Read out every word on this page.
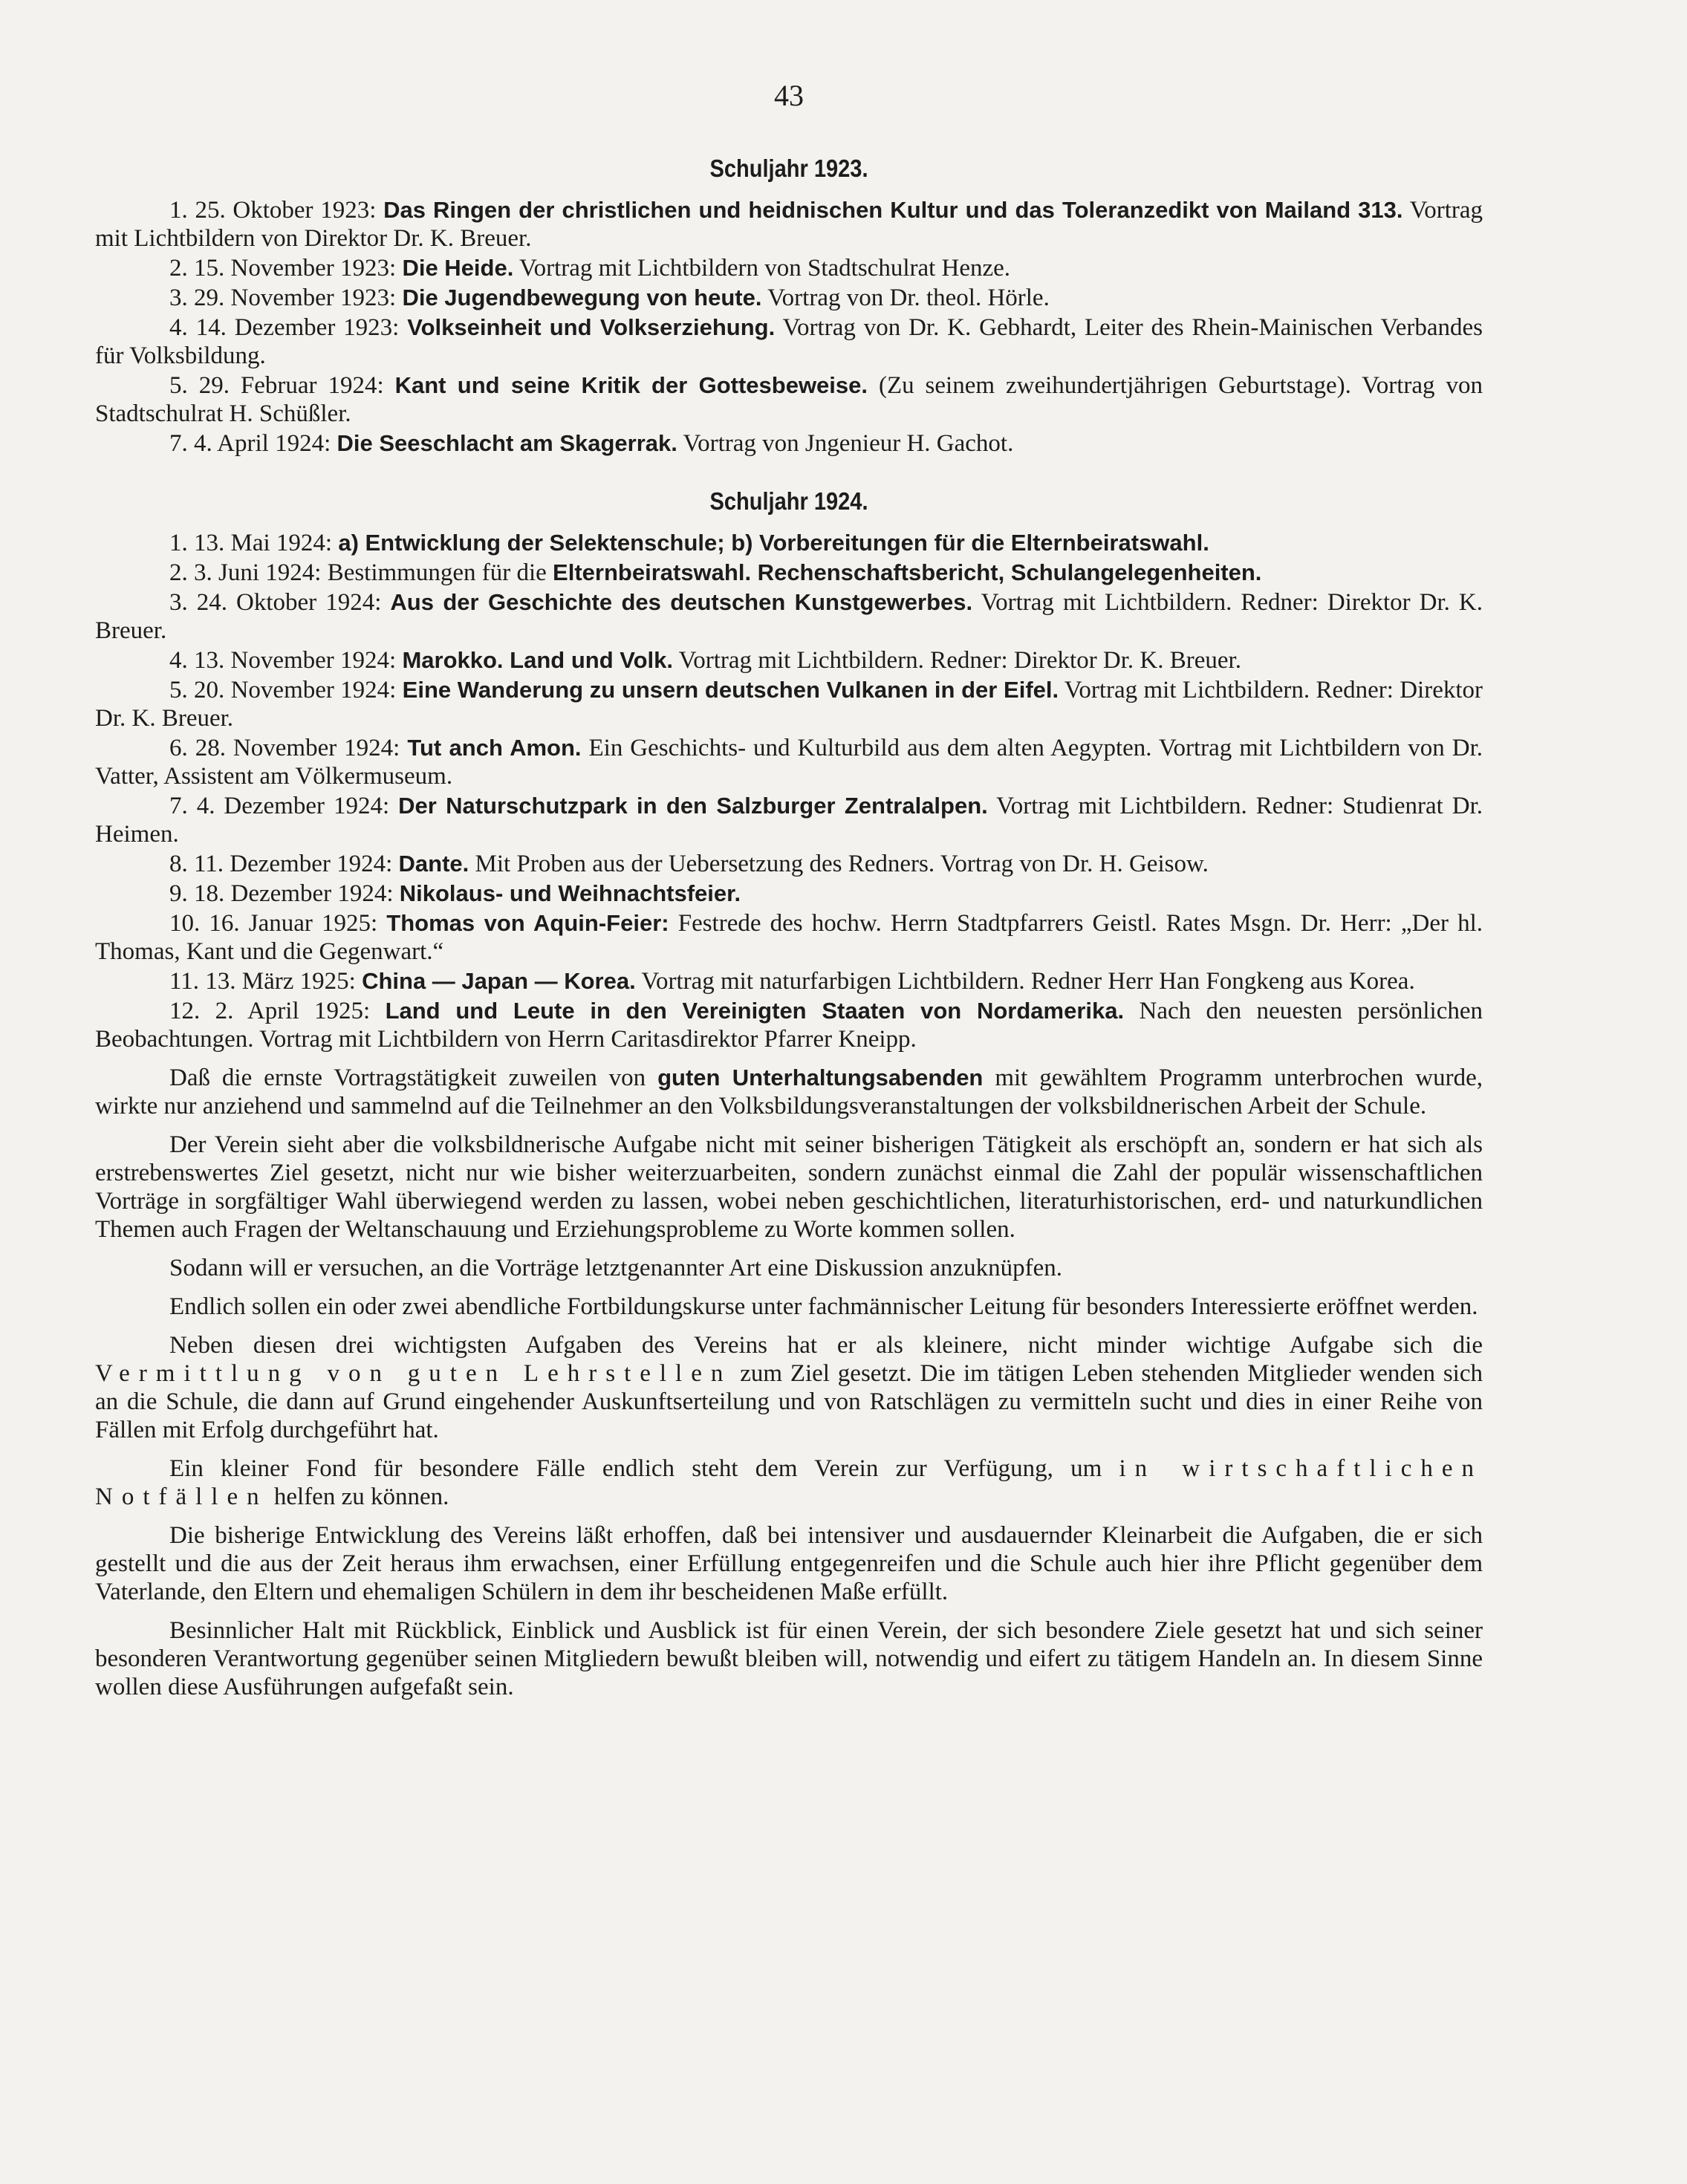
43
Schuljahr 1923.

1. 25. Oktober 1923: Das Ringen der christlichen und heidnischen Kultur und das Toleranzedikt von Mailand 313. Vortrag mit Lichtbildern von Direktor Dr. K. Breuer.

2. 15. November 1923: Die Heide. Vortrag mit Lichtbildern von Stadtschulrat Henze.

3. 29. November 1923: Die Jugendbewegung von heute. Vortrag von Dr. theol. Hörle.

4. 14. Dezember 1923: Volkseinheit und Volkserziehung. Vortrag von Dr. K. Gebhardt, Leiter des Rhein-Mainischen Verbandes für Volksbildung.

5. 29. Februar 1924: Kant und seine Kritik der Gottesbeweise. (Zu seinem zweihundertjährigen Geburtstage). Vortrag von Stadtschulrat H. Schüßler.

7. 4. April 1924: Die Seeschlacht am Skagerrak. Vortrag von Jngenieur H. Gachot.

Schuljahr 1924.

1. 13. Mai 1924: a) Entwicklung der Selektenschule; b) Vorbereitungen für die Elternbeiratswahl.

2. 3. Juni 1924: Bestimmungen für die Elternbeiratswahl. Rechenschaftsbericht, Schulangelegenheiten.

3. 24. Oktober 1924: Aus der Geschichte des deutschen Kunstgewerbes. Vortrag mit Lichtbildern. Redner: Direktor Dr. K. Breuer.

4. 13. November 1924: Marokko. Land und Volk. Vortrag mit Lichtbildern. Redner: Direktor Dr. K. Breuer.

5. 20. November 1924: Eine Wanderung zu unsern deutschen Vulkanen in der Eifel. Vortrag mit Lichtbildern. Redner: Direktor Dr. K. Breuer.

6. 28. November 1924: Tut anch Amon. Ein Geschichts- und Kulturbild aus dem alten Aegypten. Vortrag mit Lichtbildern von Dr. Vatter, Assistent am Völkermuseum.

7. 4. Dezember 1924: Der Naturschutzpark in den Salzburger Zentralalpen. Vortrag mit Lichtbildern. Redner: Studienrat Dr. Heimen.

8. 11. Dezember 1924: Dante. Mit Proben aus der Uebersetzung des Redners. Vortrag von Dr. H. Geisow.

9. 18. Dezember 1924: Nikolaus- und Weihnachtsfeier.

10. 16. Januar 1925: Thomas von Aquin-Feier: Festrede des hochw. Herrn Stadtpfarrers Geistl. Rates Msgn. Dr. Herr: „Der hl. Thomas, Kant und die Gegenwart.“

11. 13. März 1925: China — Japan — Korea. Vortrag mit naturfarbigen Lichtbildern. Redner Herr Han Fongkeng aus Korea.

12. 2. April 1925: Land und Leute in den Vereinigten Staaten von Nordamerika. Nach den neuesten persönlichen Beobachtungen. Vortrag mit Lichtbildern von Herrn Caritasdirektor Pfarrer Kneipp.

Daß die ernste Vortragstätigkeit zuweilen von guten Unterhaltungsabenden mit gewähltem Programm unterbrochen wurde, wirkte nur anziehend und sammelnd auf die Teilnehmer an den Volksbildungsveranstaltungen der volksbildnerischen Arbeit der Schule.

Der Verein sieht aber die volksbildnerische Aufgabe nicht mit seiner bisherigen Tätigkeit als erschöpft an, sondern er hat sich als erstrebenswertes Ziel gesetzt, nicht nur wie bisher weiterzuarbeiten, sondern zunächst einmal die Zahl der populär wissenschaftlichen Vorträge in sorgfältiger Wahl überwiegend werden zu lassen, wobei neben geschichtlichen, literaturhistorischen, erd- und naturkundlichen Themen auch Fragen der Weltanschauung und Erziehungsprobleme zu Worte kommen sollen.

Sodann will er versuchen, an die Vorträge letztgenannter Art eine Diskussion anzuknüpfen.

Endlich sollen ein oder zwei abendliche Fortbildungskurse unter fachmännischer Leitung für besonders Interessierte eröffnet werden.

Neben diesen drei wichtigsten Aufgaben des Vereins hat er als kleinere, nicht minder wichtige Aufgabe sich die Vermittlung von guten Lehrstellen zum Ziel gesetzt. Die im tätigen Leben stehenden Mitglieder wenden sich an die Schule, die dann auf Grund eingehender Auskunftserteilung und von Ratschlägen zu vermitteln sucht und dies in einer Reihe von Fällen mit Erfolg durchgeführt hat.

Ein kleiner Fond für besondere Fälle endlich steht dem Verein zur Verfügung, um in wirtschaftlichen Notfällen helfen zu können.

Die bisherige Entwicklung des Vereins läßt erhoffen, daß bei intensiver und ausdauernder Kleinarbeit die Aufgaben, die er sich gestellt und die aus der Zeit heraus ihm erwachsen, einer Erfüllung entgegenreifen und die Schule auch hier ihre Pflicht gegenüber dem Vaterlande, den Eltern und ehemaligen Schülern in dem ihr bescheidenen Maße erfüllt.

Besinnlicher Halt mit Rückblick, Einblick und Ausblick ist für einen Verein, der sich besondere Ziele gesetzt hat und sich seiner besonderen Verantwortung gegenüber seinen Mitgliedern bewußt bleiben will, notwendig und eifert zu tätigem Handeln an. In diesem Sinne wollen diese Ausführungen aufgefaßt sein.
